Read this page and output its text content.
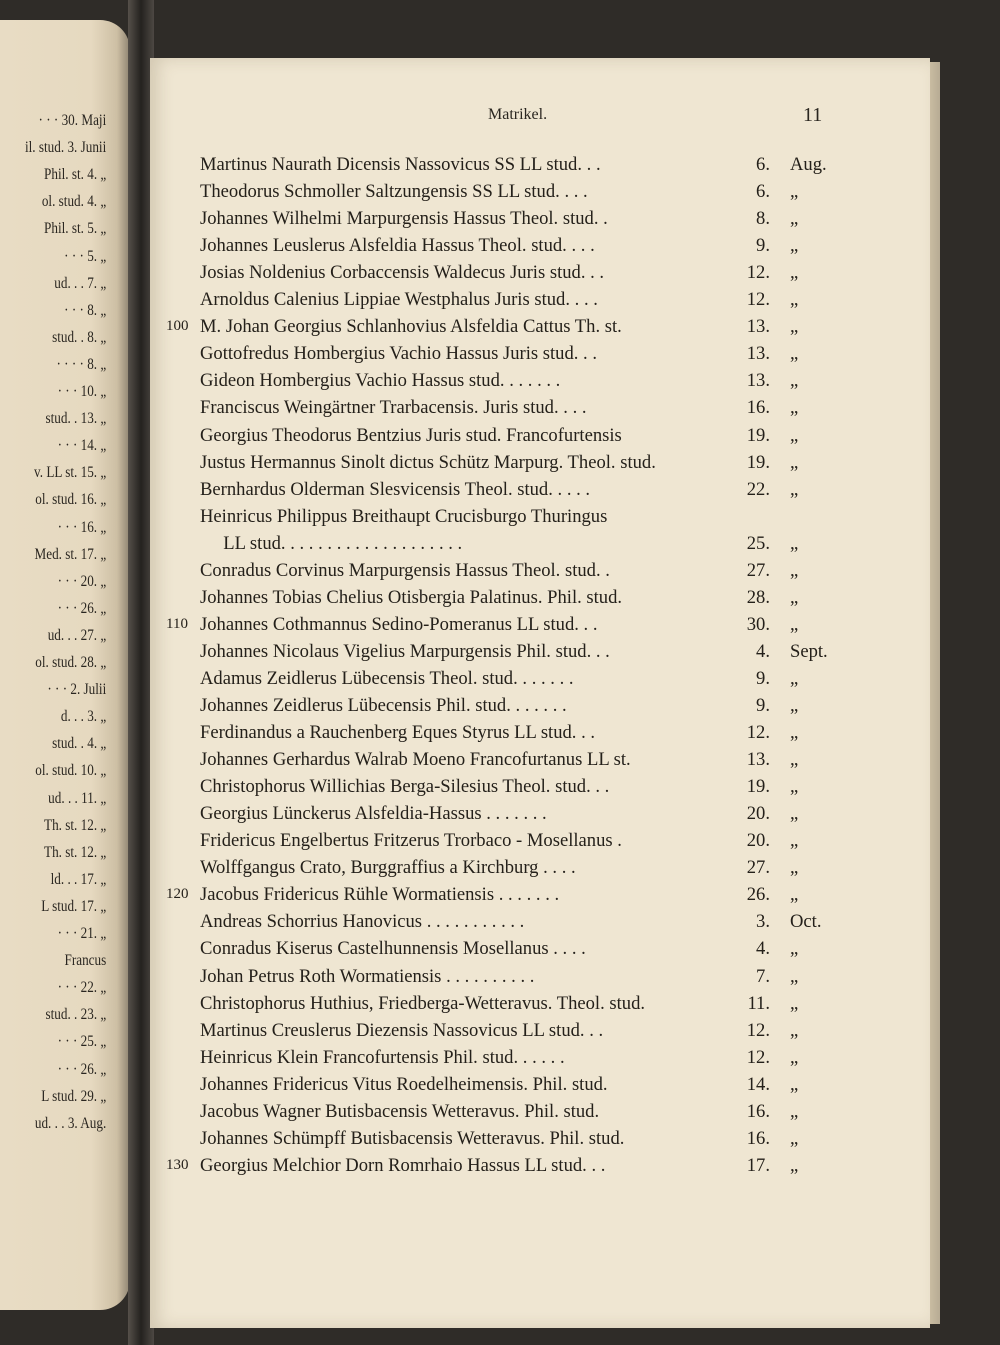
· · · 30. Maji
il. stud. 3. Junii
Phil. st. 4. „
ol. stud. 4. „
Phil. st. 5. „
· · · 5. „
ud. . . 7. „
· · · 8. „
stud. . 8. „
· · · · 8. „
· · · 10. „
stud. . 13. „
· · · 14. „
v. LL st. 15. „
ol. stud. 16. „
· · · 16. „
Med. st. 17. „
· · · 20. „
· · · 26. „
ud. . . 27. „
ol. stud. 28. „
· · · 2. Julii
d. . . 3. „
stud. . 4. „
ol. stud. 10. „
ud. . . 11. „
Th. st. 12. „
Th. st. 12. „
ld. . . 17. „
L stud. 17. „
· · · 21. „
Francus
· · · 22. „
stud. . 23. „
· · · 25. „
· · · 26. „
L stud. 29. „
ud. . . 3. Aug.
Matrikel.	11
Martinus Naurath Dicensis Nassovicus SS LL stud. . .	6. Aug.
Theodorus Schmoller Saltzungensis SS LL stud. . . .	6. „
Johannes Wilhelmi Marpurgensis Hassus Theol. stud. .	8. „
Johannes Leuslerus Alsfeldia Hassus Theol. stud. . . .	9. „
Josias Noldenius Corbaccensis Waldecus Juris stud. . .	12. „
Arnoldus Calenius Lippiae Westphalus Juris stud. . . .	12. „
100 M. Johan Georgius Schlanhovius Alsfeldia Cattus Th. st.	13. „
Gottofredus Hombergius Vachio Hassus Juris stud. . .	13. „
Gideon Hombergius Vachio Hassus stud. . . . . . .	13. „
Franciscus Weingärtner Trarbacensis. Juris stud. . . .	16. „
Georgius Theodorus Bentzius Juris stud. Francofurtensis	19. „
Justus Hermannus Sinolt dictus Schütz Marpurg. Theol. stud.	19. „
Bernhardus Olderman Slesvicensis Theol. stud. . . . .	22. „
Heinricus Philippus Breithaupt Crucisburgo Thuringus
LL stud. . . . . . . . . . . . . . . . . . . .	25. „
Conradus Corvinus Marpurgensis Hassus Theol. stud. .	27. „
Johannes Tobias Chelius Otisbergia Palatinus. Phil. stud.	28. „
110 Johannes Cothmannus Sedino-Pomeranus LL stud. . .	30. „
Johannes Nicolaus Vigelius Marpurgensis Phil. stud. . .	4. Sept.
Adamus Zeidlerus Lübecensis Theol. stud. . . . . . .	9. „
Johannes Zeidlerus Lübecensis Phil. stud. . . . . . .	9. „
Ferdinandus a Rauchenberg Eques Styrus LL stud. . .	12. „
Johannes Gerhardus Walrab Moeno Francofurtanus LL st.	13. „
Christophorus Willichias Berga-Silesius Theol. stud. . .	19. „
Georgius Lünckerus Alsfeldia-Hassus . . . . . . .	20. „
Fridericus Engelbertus Fritzerus Trorbaco - Mosellanus .	20. „
Wolffgangus Crato, Burggraffius a Kirchburg . . . .	27. „
120 Jacobus Fridericus Rühle Wormatiensis . . . . . . .	26. „
Andreas Schorrius Hanovicus . . . . . . . . . . .	3. Oct.
Conradus Kiserus Castelhunnensis Mosellanus . . . .	4. „
Johan Petrus Roth Wormatiensis . . . . . . . . . .	7. „
Christophorus Huthius, Friedberga-Wetteravus. Theol. stud.	11. „
Martinus Creuslerus Diezensis Nassovicus LL stud. . .	12. „
Heinricus Klein Francofurtensis Phil. stud. . . . . .	12. „
Johannes Fridericus Vitus Roedelheimensis. Phil. stud.	14. „
Jacobus Wagner Butisbacensis Wetteravus. Phil. stud.	16. „
Johannes Schümpff Butisbacensis Wetteravus. Phil. stud.	16. „
130 Georgius Melchior Dorn Romrhaio Hassus LL stud. . .	17. „
